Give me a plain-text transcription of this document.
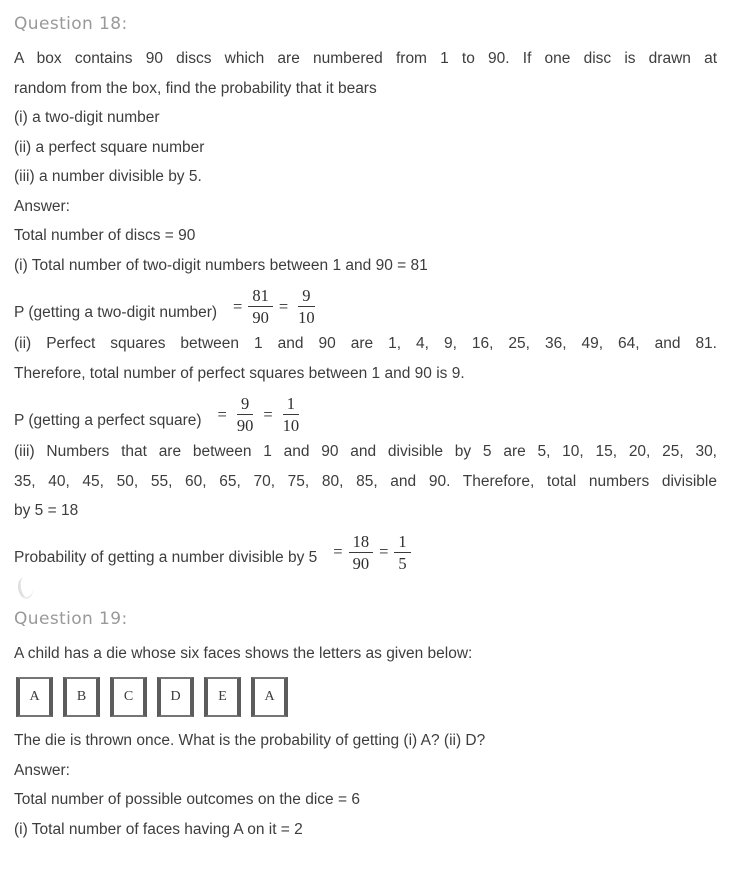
Question 18:
A box contains 90 discs which are numbered from 1 to 90. If one disc is drawn at
random from the box, find the probability that it bears
(i) a two-digit number
(ii) a perfect square number
(iii) a number divisible by 5.
Answer:
Total number of discs = 90
(i) Total number of two-digit numbers between 1 and 90 = 81
P (getting a two-digit number) = $\frac{81}{90} = \frac{9}{10}$
(ii) Perfect squares between 1 and 90 are 1, 4, 9, 16, 25, 36, 49, 64, and 81.
Therefore, total number of perfect squares between 1 and 90 is 9.
P (getting a perfect square) = $\frac{9}{90} = \frac{1}{10}$
(iii) Numbers that are between 1 and 90 and divisible by 5 are 5, 10, 15, 20, 25, 30,
35, 40, 45, 50, 55, 60, 65, 70, 75, 80, 85, and 90. Therefore, total numbers divisible
by 5 = 18
Probability of getting a number divisible by $5 = \frac{18}{90} = \frac{1}{5}$
Question 19:
A child has a die whose six faces shows the letters as given below:
A	B	C	D	E	A
The die is thrown once. What is the probability of getting (i) A? (ii) D?
Answer:
Total number of possible outcomes on the dice = 6
(i) Total number of faces having A on it = 2
